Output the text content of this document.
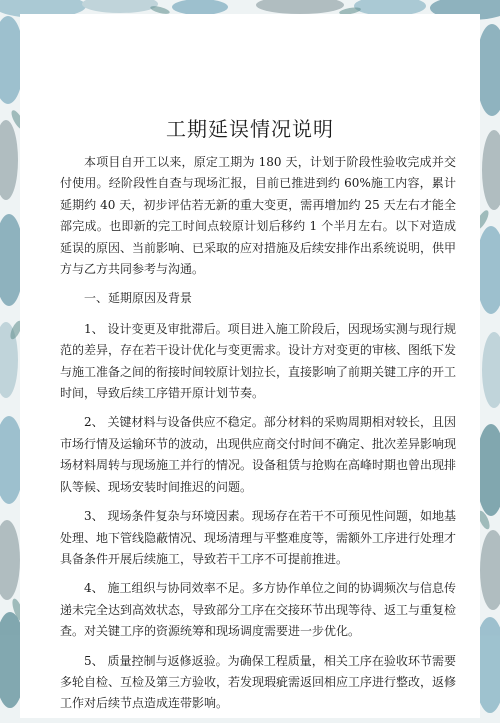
工期延误情况说明

本项目自开工以来，原定工期为 180 天，计划于阶段性验收完成并交付使用。经阶段性自查与现场汇报，目前已推进到约 60%施工内容，累计延期约 40 天，初步评估若无新的重大变更，需再增加约 25 天左右才能全部完成。也即新的完工时间点较原计划后移约 1 个半月左右。以下对造成延误的原因、当前影响、已采取的应对措施及后续安排作出系统说明，供甲方与乙方共同参考与沟通。

一、延期原因及背景

1、 设计变更及审批滞后。项目进入施工阶段后，因现场实测与现行规范的差异，存在若干设计优化与变更需求。设计方对变更的审核、图纸下发与施工准备之间的衔接时间较原计划拉长，直接影响了前期关键工序的开工时间，导致后续工序错开原计划节奏。

2、 关键材料与设备供应不稳定。部分材料的采购周期相对较长，且因市场行情及运输环节的波动，出现供应商交付时间不确定、批次差异影响现场材料周转与现场施工并行的情况。设备租赁与抢购在高峰时期也曾出现排队等候、现场安装时间推迟的问题。

3、 现场条件复杂与环境因素。现场存在若干不可预见性问题，如地基处理、地下管线隐蔽情况、现场清理与平整难度等，需额外工序进行处理才具备条件开展后续施工，导致若干工序不可提前推进。

4、 施工组织与协同效率不足。多方协作单位之间的协调频次与信息传递未完全达到高效状态，导致部分工序在交接环节出现等待、返工与重复检查。对关键工序的资源统筹和现场调度需要进一步优化。

5、 质量控制与返修返验。为确保工程质量，相关工序在验收环节需要多轮自检、互检及第三方验收，若发现瑕疵需返回相应工序进行整改，返修工作对后续节点造成连带影响。
